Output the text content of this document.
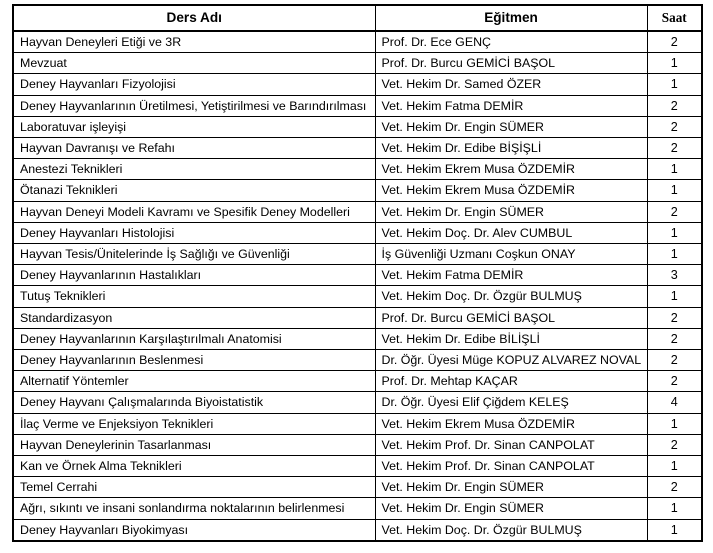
Ders Adı	Eğitmen	Saat
Hayvan Deneyleri Etiği ve 3R	Prof. Dr. Ece GENÇ	2
Mevzuat	Prof. Dr. Burcu GEMİCİ BAŞOL	1
Deney Hayvanları Fizyolojisi	Vet. Hekim Dr. Samed ÖZER	1
Deney Hayvanlarının Üretilmesi, Yetiştirilmesi ve Barındırılması	Vet. Hekim Fatma DEMİR	2
Laboratuvar işleyişi	Vet. Hekim Dr. Engin SÜMER	2
Hayvan Davranışı ve Refahı	Vet. Hekim Dr. Edibe BİŞİŞLİ	2
Anestezi Teknikleri	Vet. Hekim Ekrem Musa ÖZDEMİR	1
Ötanazi Teknikleri	Vet. Hekim Ekrem Musa ÖZDEMİR	1
Hayvan Deneyi Modeli Kavramı ve Spesifik Deney Modelleri	Vet. Hekim Dr. Engin SÜMER	2
Deney Hayvanları Histolojisi	Vet. Hekim Doç. Dr. Alev CUMBUL	1
Hayvan Tesis/Ünitelerinde İş Sağlığı ve Güvenliği	İş Güvenliği Uzmanı Coşkun ONAY	1
Deney Hayvanlarının Hastalıkları	Vet. Hekim Fatma DEMİR	3
Tutuş Teknikleri	Vet. Hekim Doç. Dr. Özgür BULMUŞ	1
Standardizasyon	Prof. Dr. Burcu GEMİCİ BAŞOL	2
Deney Hayvanlarının Karşılaştırılmalı Anatomisi	Vet. Hekim Dr. Edibe BİLİŞLİ	2
Deney Hayvanlarının Beslenmesi	Dr. Öğr. Üyesi Müge KOPUZ ALVAREZ NOVAL	2
Alternatif Yöntemler	Prof. Dr. Mehtap KAÇAR	2
Deney Hayvanı Çalışmalarında Biyoistatistik	Dr. Öğr. Üyesi Elif Çiğdem KELEŞ	4
İlaç Verme ve Enjeksiyon Teknikleri	Vet. Hekim Ekrem Musa ÖZDEMİR	1
Hayvan Deneylerinin Tasarlanması	Vet. Hekim Prof. Dr. Sinan CANPOLAT	2
Kan ve Örnek Alma Teknikleri	Vet. Hekim Prof. Dr. Sinan CANPOLAT	1
Temel Cerrahi	Vet. Hekim Dr. Engin SÜMER	2
Ağrı, sıkıntı ve insani sonlandırma noktalarının belirlenmesi	Vet. Hekim Dr. Engin SÜMER	1
Deney Hayvanları Biyokimyası	Vet. Hekim Doç. Dr. Özgür BULMUŞ	1
